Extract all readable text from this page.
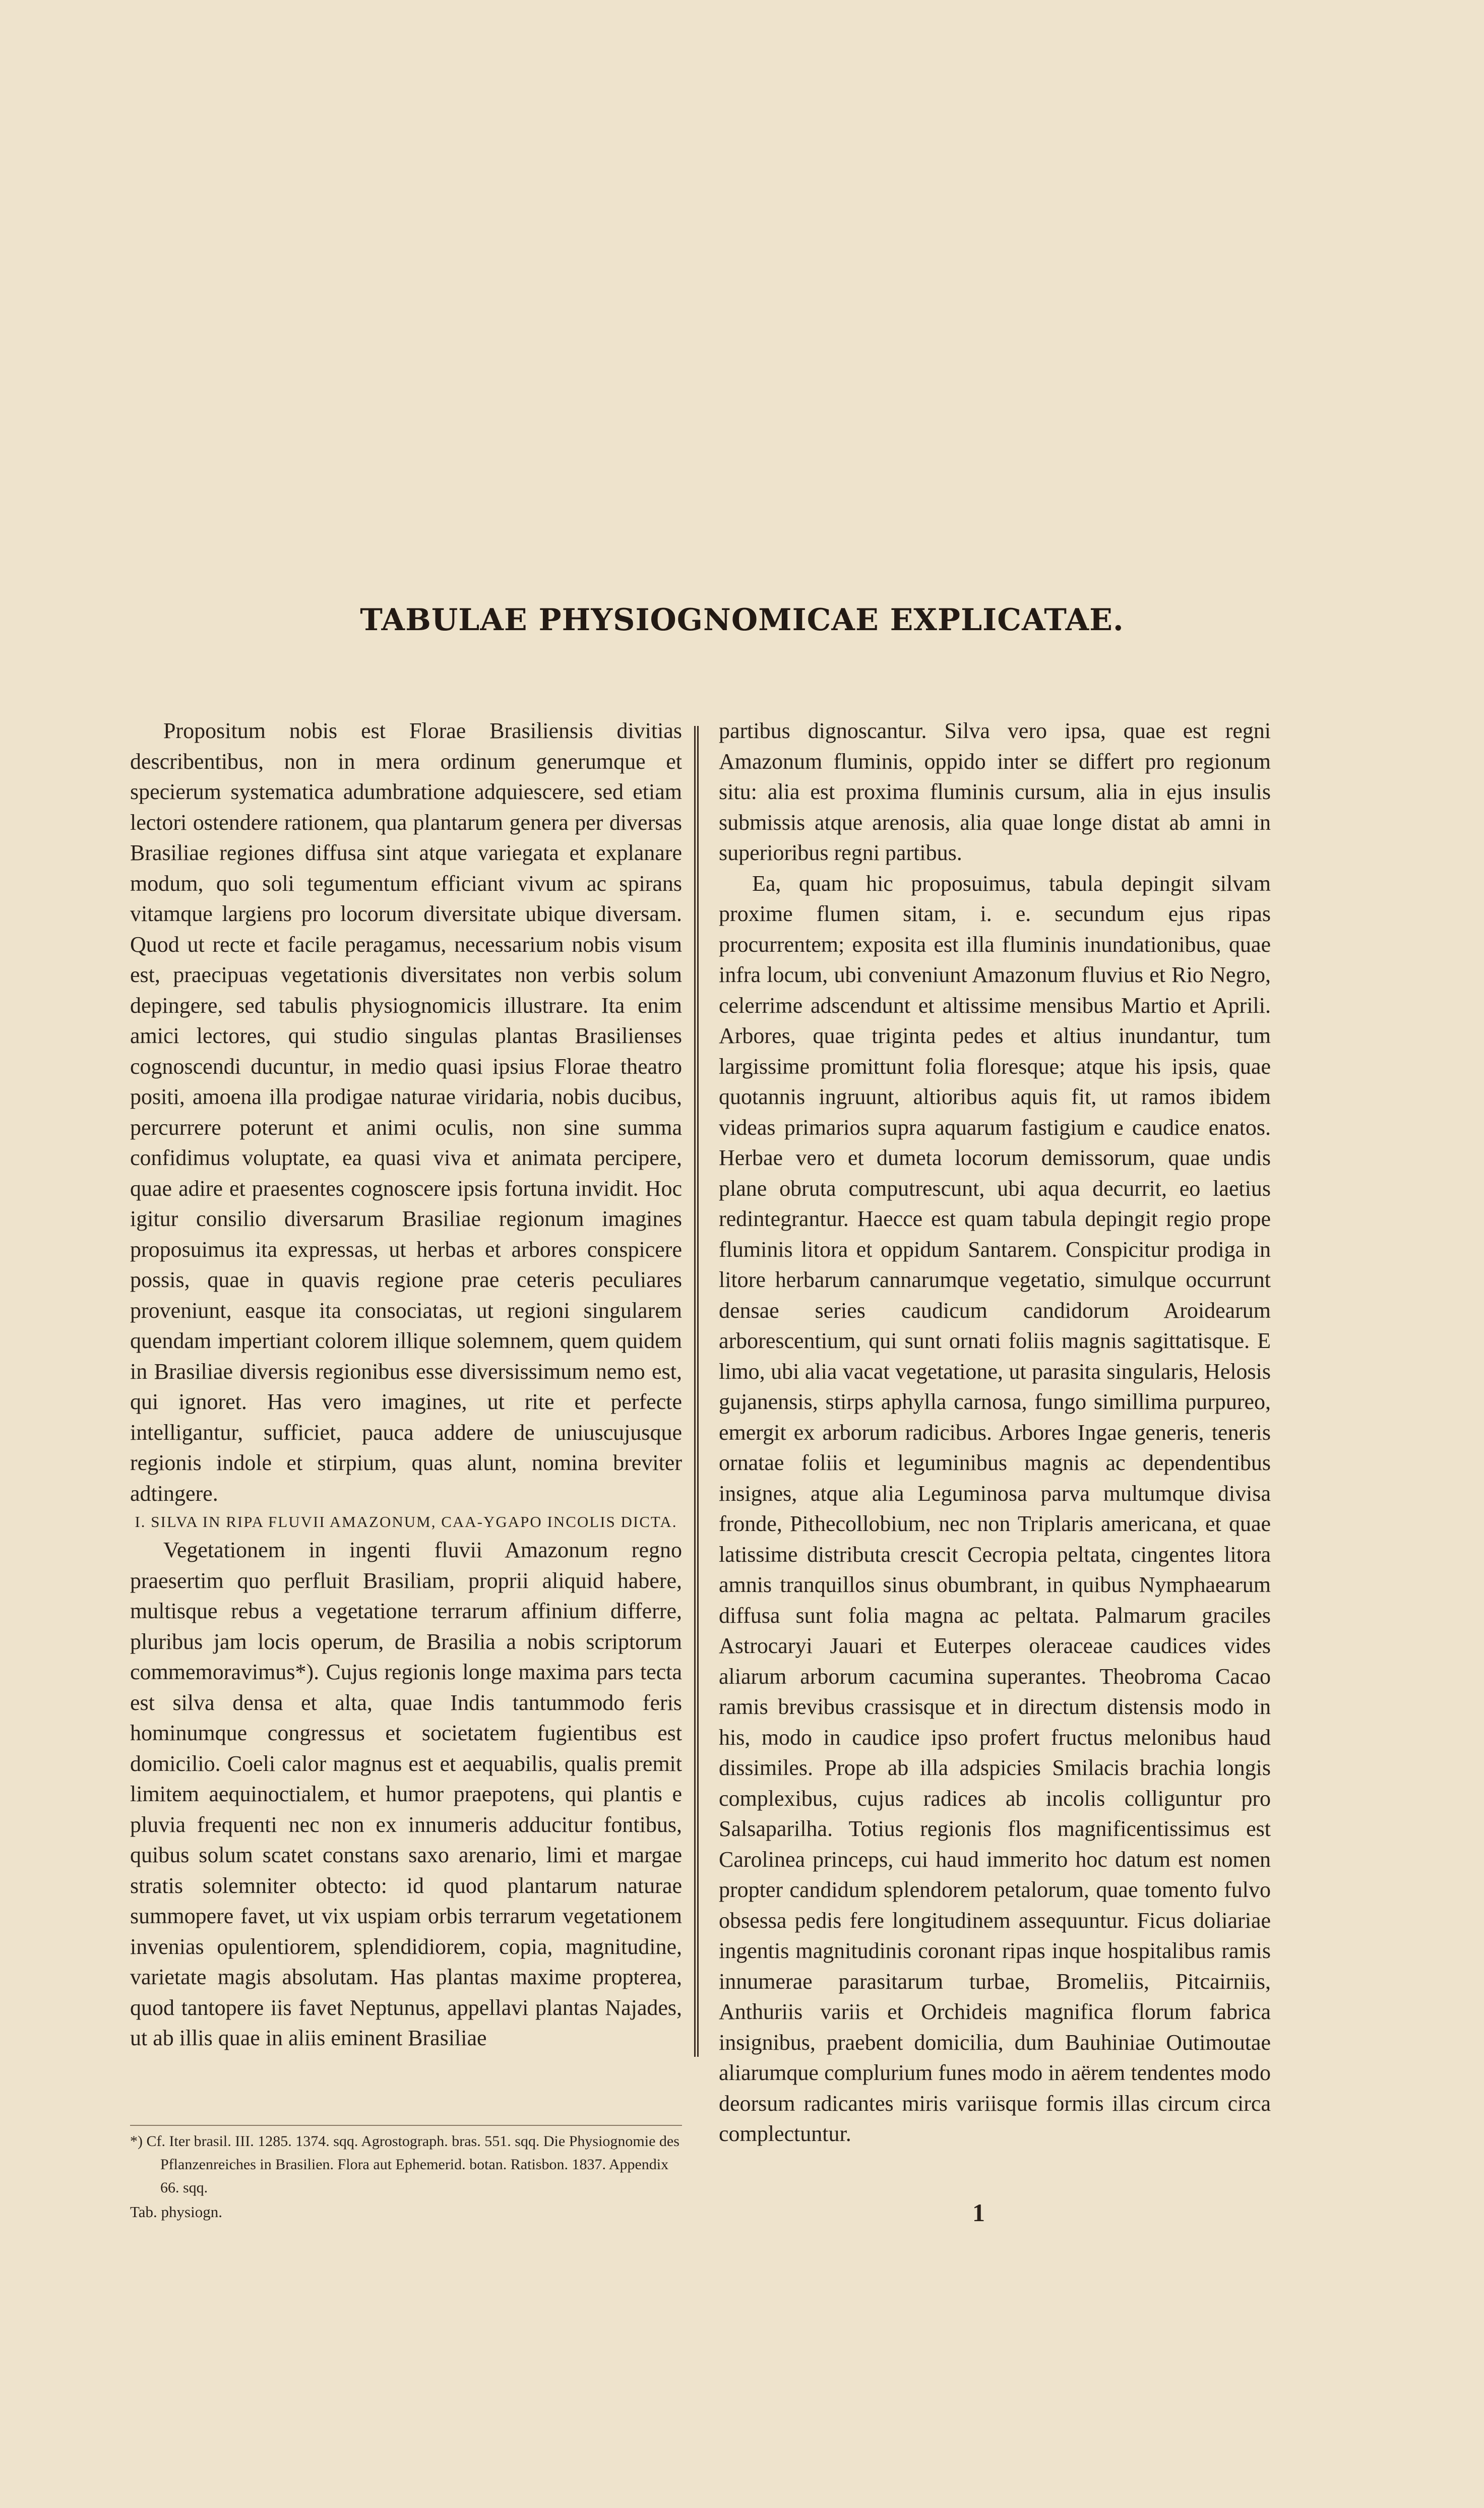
TABULAE PHYSIOGNOMICAE EXPLICATAE.

Propositum nobis est Florae Brasiliensis divitias describentibus, non in mera ordinum generumque et specierum systematica adumbratione adquiescere, sed etiam lectori ostendere rationem, qua plantarum genera per diversas Brasiliae regiones diffusa sint atque variegata et explanare modum, quo soli tegumentum efficiant vivum ac spirans vitamque largiens pro locorum diversitate ubique diversam. Quod ut recte et facile peragamus, necessarium nobis visum est, praecipuas vegetationis diversitates non verbis solum depingere, sed tabulis physiognomicis illustrare. Ita enim amici lectores, qui studio singulas plantas Brasilienses cognoscendi ducuntur, in medio quasi ipsius Florae theatro positi, amoena illa prodigae naturae viridaria, nobis ducibus, percurrere poterunt et animi oculis, non sine summa confidimus voluptate, ea quasi viva et animata percipere, quae adire et praesentes cognoscere ipsis fortuna invidit. Hoc igitur consilio diversarum Brasiliae regionum imagines proposuimus ita expressas, ut herbas et arbores conspicere possis, quae in quavis regione prae ceteris peculiares proveniunt, easque ita consociatas, ut regioni singularem quendam impertiant colorem illique solemnem, quem quidem in Brasiliae diversis regionibus esse diversissimum nemo est, qui ignoret. Has vero imagines, ut rite et perfecte intelligantur, sufficiet, pauca addere de uniuscujusque regionis indole et stirpium, quas alunt, nomina breviter adtingere.

I. SILVA IN RIPA FLUVII AMAZONUM, CAA-YGAPO INCOLIS DICTA.

Vegetationem in ingenti fluvii Amazonum regno praesertim quo perfluit Brasiliam, proprii aliquid habere, multisque rebus a vegetatione terrarum affinium differre, pluribus jam locis operum, de Brasilia a nobis scriptorum commemoravimus*). Cujus regionis longe maxima pars tecta est silva densa et alta, quae Indis tantummodo feris hominumque congressus et societatem fugientibus est domicilio. Coeli calor magnus est et aequabilis, qualis premit limitem aequinoctialem, et humor praepotens, qui plantis e pluvia frequenti nec non ex innumeris adducitur fontibus, quibus solum scatet constans saxo arenario, limi et margae stratis solemniter obtecto: id quod plantarum naturae summopere favet, ut vix uspiam orbis terrarum vegetationem invenias opulentiorem, splendidiorem, copia, magnitudine, varietate magis absolutam. Has plantas maxime propterea, quod tantopere iis favet Neptunus, appellavi plantas Najades, ut ab illis quae in aliis eminent Brasiliae

partibus dignoscantur. Silva vero ipsa, quae est regni Amazonum fluminis, oppido inter se differt pro regionum situ: alia est proxima fluminis cursum, alia in ejus insulis submissis atque arenosis, alia quae longe distat ab amni in superioribus regni partibus.

Ea, quam hic proposuimus, tabula depingit silvam proxime flumen sitam, i. e. secundum ejus ripas procurrentem; exposita est illa fluminis inundationibus, quae infra locum, ubi conveniunt Amazonum fluvius et Rio Negro, celerrime adscendunt et altissime mensibus Martio et Aprili. Arbores, quae triginta pedes et altius inundantur, tum largissime promittunt folia floresque; atque his ipsis, quae quotannis ingruunt, altioribus aquis fit, ut ramos ibidem videas primarios supra aquarum fastigium e caudice enatos. Herbae vero et dumeta locorum demissorum, quae undis plane obruta computrescunt, ubi aqua decurrit, eo laetius redintegrantur. Haecce est quam tabula depingit regio prope fluminis litora et oppidum Santarem. Conspicitur prodiga in litore herbarum cannarumque vegetatio, simulque occurrunt densae series caudicum candidorum Aroidearum arborescentium, qui sunt ornati foliis magnis sagittatisque. E limo, ubi alia vacat vegetatione, ut parasita singularis, Helosis gujanensis, stirps aphylla carnosa, fungo simillima purpureo, emergit ex arborum radicibus. Arbores Ingae generis, teneris ornatae foliis et leguminibus magnis ac dependentibus insignes, atque alia Leguminosa parva multumque divisa fronde, Pithecollobium, nec non Triplaris americana, et quae latissime distributa crescit Cecropia peltata, cingentes litora amnis tranquillos sinus obumbrant, in quibus Nymphaearum diffusa sunt folia magna ac peltata. Palmarum graciles Astrocaryi Jauari et Euterpes oleraceae caudices vides aliarum arborum cacumina superantes. Theobroma Cacao ramis brevibus crassisque et in directum distensis modo in his, modo in caudice ipso profert fructus melonibus haud dissimiles. Prope ab illa adspicies Smilacis brachia longis complexibus, cujus radices ab incolis colliguntur pro Salsaparilha. Totius regionis flos magnificentissimus est Carolinea princeps, cui haud immerito hoc datum est nomen propter candidum splendorem petalorum, quae tomento fulvo obsessa pedis fere longitudinem assequuntur. Ficus doliariae ingentis magnitudinis coronant ripas inque hospitalibus ramis innumerae parasitarum turbae, Bromeliis, Pitcairniis, Anthuriis variis et Orchideis magnifica florum fabrica insignibus, praebent domicilia, dum Bauhiniae Outimoutae aliarumque complurium funes modo in aërem tendentes modo deorsum radicantes miris variisque formis illas circum circa complectuntur.

*) Cf. Iter brasil. III. 1285. 1374. sqq. Agrostograph. bras. 551. sqq. Die Physiognomie des Pflanzenreiches in Brasilien. Flora aut Ephemerid. botan. Ratisbon. 1837. Appendix 66. sqq.

Tab. physiogn.	1
